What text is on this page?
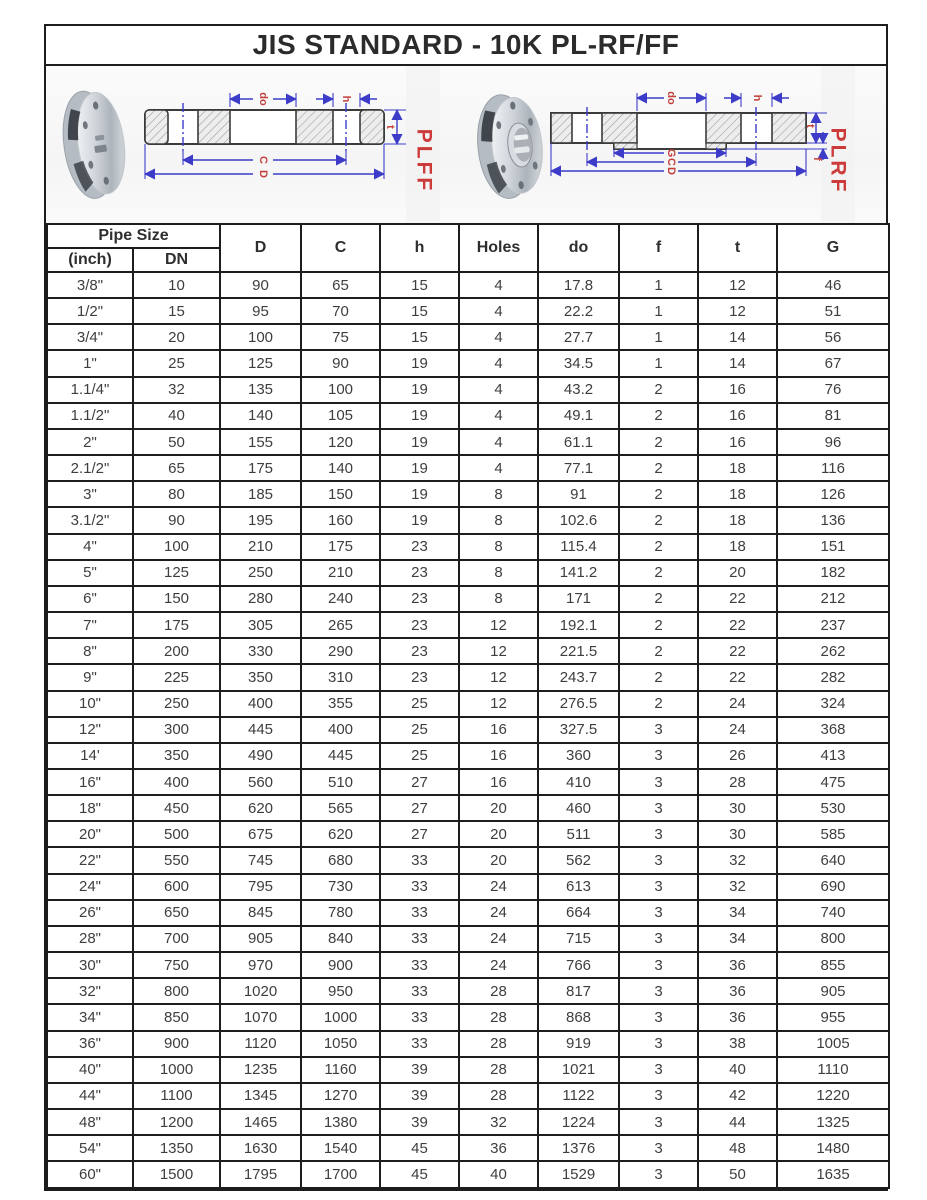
JIS STANDARD - 10K PL-RF/FF
do	h
t
C
D	PLFF
do	h
t
f
G
C
D	PLRF
Pipe Size		D	C	h	Holes	do	f	t	G
(inch)	DN								
3/8"	10	90	65	15	4	17.8	1	12	46
1/2"	15	95	70	15	4	22.2	1	12	51
3/4"	20	100	75	15	4	27.7	1	14	56
1"	25	125	90	19	4	34.5	1	14	67
1.1/4"	32	135	100	19	4	43.2	2	16	76
1.1/2"	40	140	105	19	4	49.1	2	16	81
2"	50	155	120	19	4	61.1	2	16	96
2.1/2"	65	175	140	19	4	77.1	2	18	116
3"	80	185	150	19	8	91	2	18	126
3.1/2"	90	195	160	19	8	102.6	2	18	136
4"	100	210	175	23	8	115.4	2	18	151
5"	125	250	210	23	8	141.2	2	20	182
6"	150	280	240	23	8	171	2	22	212
7"	175	305	265	23	12	192.1	2	22	237
8"	200	330	290	23	12	221.5	2	22	262
9"	225	350	310	23	12	243.7	2	22	282
10"	250	400	355	25	12	276.5	2	24	324
12"	300	445	400	25	16	327.5	3	24	368
14'	350	490	445	25	16	360	3	26	413
16"	400	560	510	27	16	410	3	28	475
18"	450	620	565	27	20	460	3	30	530
20"	500	675	620	27	20	511	3	30	585
22"	550	745	680	33	20	562	3	32	640
24"	600	795	730	33	24	613	3	32	690
26"	650	845	780	33	24	664	3	34	740
28"	700	905	840	33	24	715	3	34	800
30"	750	970	900	33	24	766	3	36	855
32"	800	1020	950	33	28	817	3	36	905
34"	850	1070	1000	33	28	868	3	36	955
36"	900	1120	1050	33	28	919	3	38	1005
40"	1000	1235	1160	39	28	1021	3	40	1110
44"	1100	1345	1270	39	28	1122	3	42	1220
48"	1200	1465	1380	39	32	1224	3	44	1325
54"	1350	1630	1540	45	36	1376	3	48	1480
60"	1500	1795	1700	45	40	1529	3	50	1635
